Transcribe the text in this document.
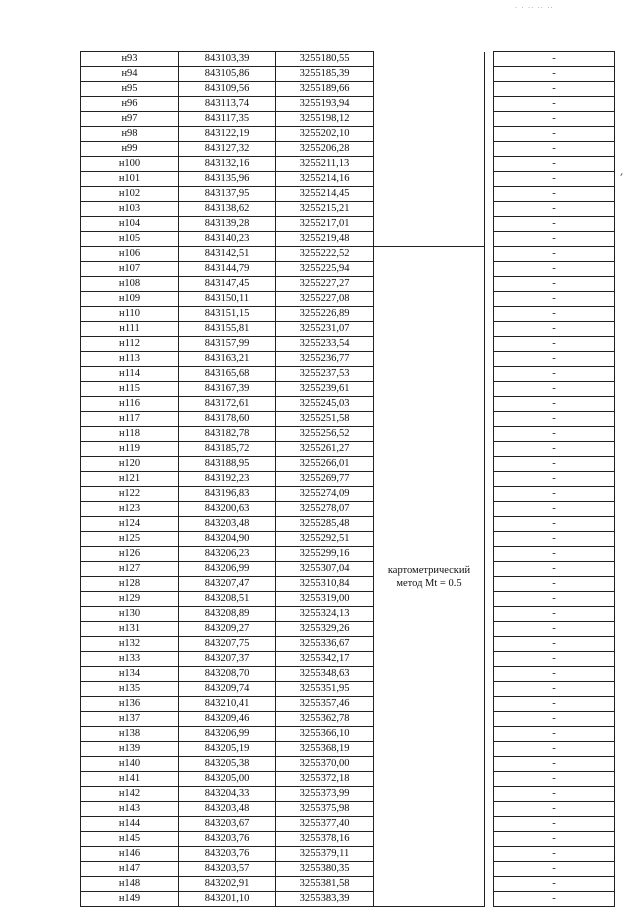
· · ·· ·· ··
н93	843103,39	3255180,55			-
н94	843105,86	3255185,39			-
н95	843109,56	3255189,66			-
н96	843113,74	3255193,94			-
н97	843117,35	3255198,12			-
н98	843122,19	3255202,10			-
н99	843127,32	3255206,28			-
н100	843132,16	3255211,13			-
н101	843135,96	3255214,16			-
н102	843137,95	3255214,45			-
н103	843138,62	3255215,21			-
н104	843139,28	3255217,01			-
н105	843140,23	3255219,48			-
н106	843142,51	3255222,52	картометрический метод Mt = 0.5		-
н107	843144,79	3255225,94			-
н108	843147,45	3255227,27			-
н109	843150,11	3255227,08			-
н110	843151,15	3255226,89			-
н111	843155,81	3255231,07			-
н112	843157,99	3255233,54			-
н113	843163,21	3255236,77			-
н114	843165,68	3255237,53			-
н115	843167,39	3255239,61			-
н116	843172,61	3255245,03			-
н117	843178,60	3255251,58			-
н118	843182,78	3255256,52			-
н119	843185,72	3255261,27			-
н120	843188,95	3255266,01			-
н121	843192,23	3255269,77			-
н122	843196,83	3255274,09			-
н123	843200,63	3255278,07			-
н124	843203,48	3255285,48			-
н125	843204,90	3255292,51			-
н126	843206,23	3255299,16			-
н127	843206,99	3255307,04			-
н128	843207,47	3255310,84			-
н129	843208,51	3255319,00			-
н130	843208,89	3255324,13			-
н131	843209,27	3255329,26			-
н132	843207,75	3255336,67			-
н133	843207,37	3255342,17			-
н134	843208,70	3255348,63			-
н135	843209,74	3255351,95			-
н136	843210,41	3255357,46			-
н137	843209,46	3255362,78			-
н138	843206,99	3255366,10			-
н139	843205,19	3255368,19			-
н140	843205,38	3255370,00			-
н141	843205,00	3255372,18			-
н142	843204,33	3255373,99			-
н143	843203,48	3255375,98			-
н144	843203,67	3255377,40			-
н145	843203,76	3255378,16			-
н146	843203,76	3255379,11			-
н147	843203,57	3255380,35			-
н148	843202,91	3255381,58			-
н149	843201,10	3255383,39			-
